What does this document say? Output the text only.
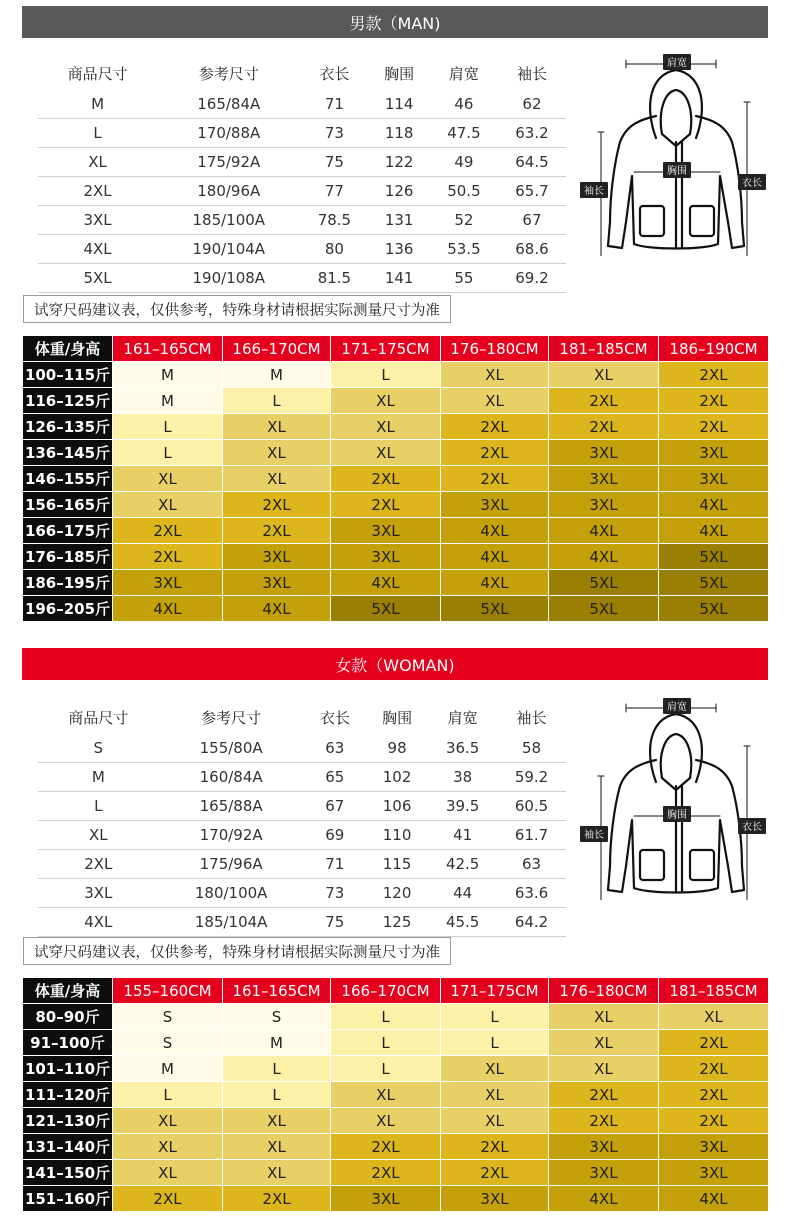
男款（MAN)
商品尺寸	参考尺寸	衣长	胸围	肩宽	袖长
M	165/84A	71	114	46	62
L	170/88A	73	118	47.5	63.2
XL	175/92A	75	122	49	64.5
2XL	180/96A	77	126	50.5	65.7
3XL	185/100A	78.5	131	52	67
4XL	190/104A	80	136	53.5	68.6
5XL	190/108A	81.5	141	55	69.2
肩宽
胸围
袖长
衣长
试穿尺码建议表，仅供参考，特殊身材请根据实际测量尺寸为准
体重/身高	161–165CM	166–170CM	171–175CM	176–180CM	181–185CM	186–190CM
100–115斤	M	M	L	XL	XL	2XL
116–125斤	M	L	XL	XL	2XL	2XL
126–135斤	L	XL	XL	2XL	2XL	2XL
136–145斤	L	XL	XL	2XL	3XL	3XL
146–155斤	XL	XL	2XL	2XL	3XL	3XL
156–165斤	XL	2XL	2XL	3XL	3XL	4XL
166–175斤	2XL	2XL	3XL	4XL	4XL	4XL
176–185斤	2XL	3XL	3XL	4XL	4XL	5XL
186–195斤	3XL	3XL	4XL	4XL	5XL	5XL
196–205斤	4XL	4XL	5XL	5XL	5XL	5XL
女款（WOMAN)
商品尺寸	参考尺寸	衣长	胸围	肩宽	袖长
S	155/80A	63	98	36.5	58
M	160/84A	65	102	38	59.2
L	165/88A	67	106	39.5	60.5
XL	170/92A	69	110	41	61.7
2XL	175/96A	71	115	42.5	63
3XL	180/100A	73	120	44	63.6
4XL	185/104A	75	125	45.5	64.2
肩宽
胸围
袖长
衣长
试穿尺码建议表，仅供参考，特殊身材请根据实际测量尺寸为准
体重/身高	155–160CM	161–165CM	166–170CM	171–175CM	176–180CM	181–185CM
80–90斤	S	S	L	L	XL	XL
91–100斤	S	M	L	L	XL	2XL
101–110斤	M	L	L	XL	XL	2XL
111–120斤	L	L	XL	XL	2XL	2XL
121–130斤	XL	XL	XL	XL	2XL	2XL
131–140斤	XL	XL	2XL	2XL	3XL	3XL
141–150斤	XL	XL	2XL	2XL	3XL	3XL
151–160斤	2XL	2XL	3XL	3XL	4XL	4XL
